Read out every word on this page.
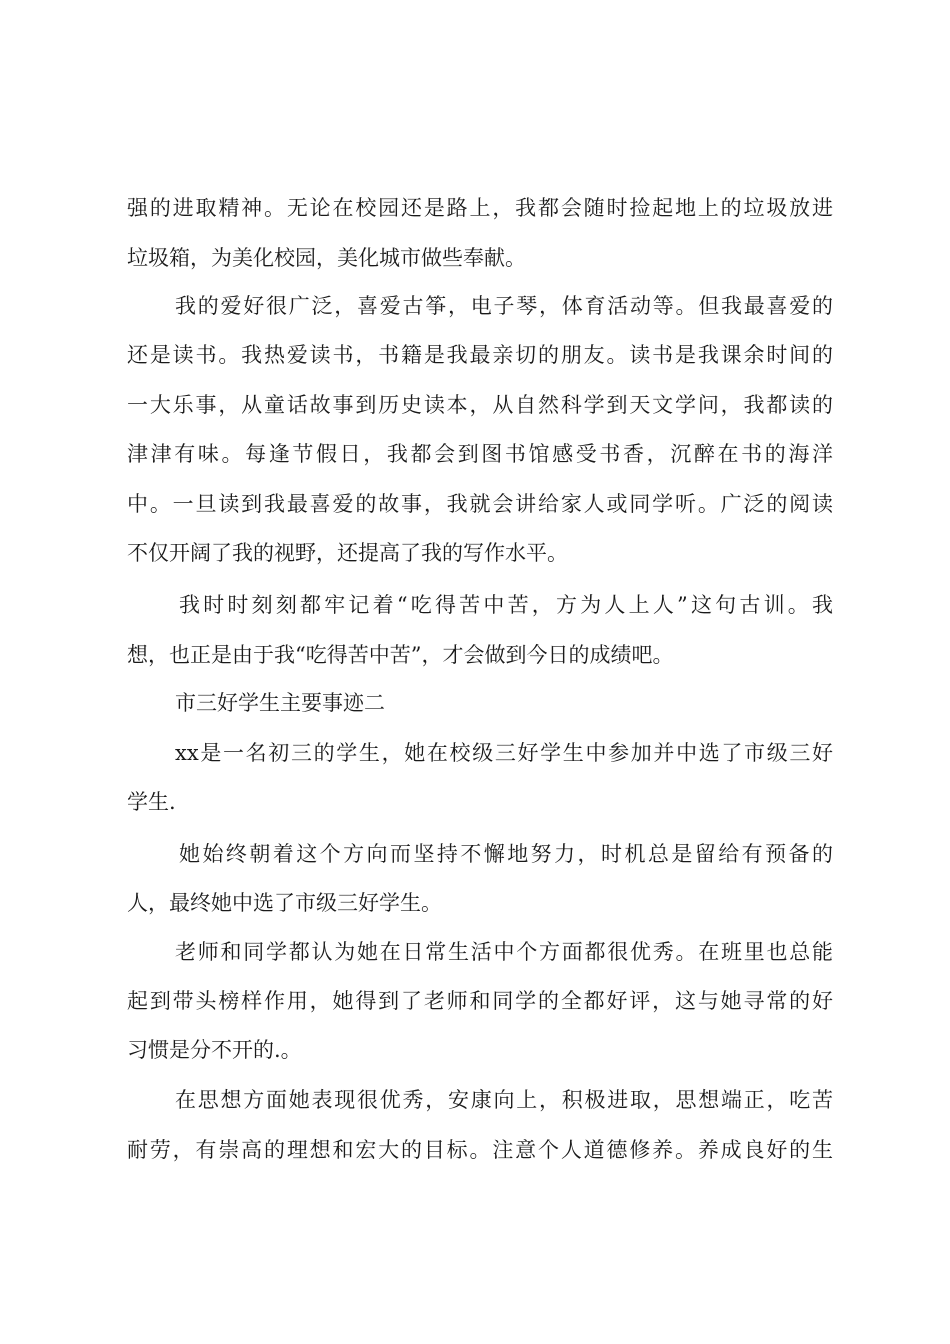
强的进取精神。无论在校园还是路上，我都会随时捡起地上的垃圾放进
垃圾箱，为美化校园，美化城市做些奉献。
我的爱好很广泛，喜爱古筝，电子琴，体育活动等。但我最喜爱的
还是读书。我热爱读书，书籍是我最亲切的朋友。读书是我课余时间的
一大乐事，从童话故事到历史读本，从自然科学到天文学问，我都读的
津津有味。每逢节假日，我都会到图书馆感受书香，沉醉在书的海洋
中。一旦读到我最喜爱的故事，我就会讲给家人或同学听。广泛的阅读
不仅开阔了我的视野，还提高了我的写作水平。
我时时刻刻都牢记着“吃得苦中苦，方为人上人”这句古训。我
想，也正是由于我“吃得苦中苦”，才会做到今日的成绩吧。
市三好学生主要事迹二
xx是一名初三的学生，她在校级三好学生中参加并中选了市级三好
学生.
她始终朝着这个方向而坚持不懈地努力，时机总是留给有预备的
人，最终她中选了市级三好学生。
老师和同学都认为她在日常生活中个方面都很优秀。在班里也总能
起到带头榜样作用，她得到了老师和同学的全都好评，这与她寻常的好
习惯是分不开的.。
在思想方面她表现很优秀，安康向上，积极进取，思想端正，吃苦
耐劳，有崇高的理想和宏大的目标。注意个人道德修养。养成良好的生
